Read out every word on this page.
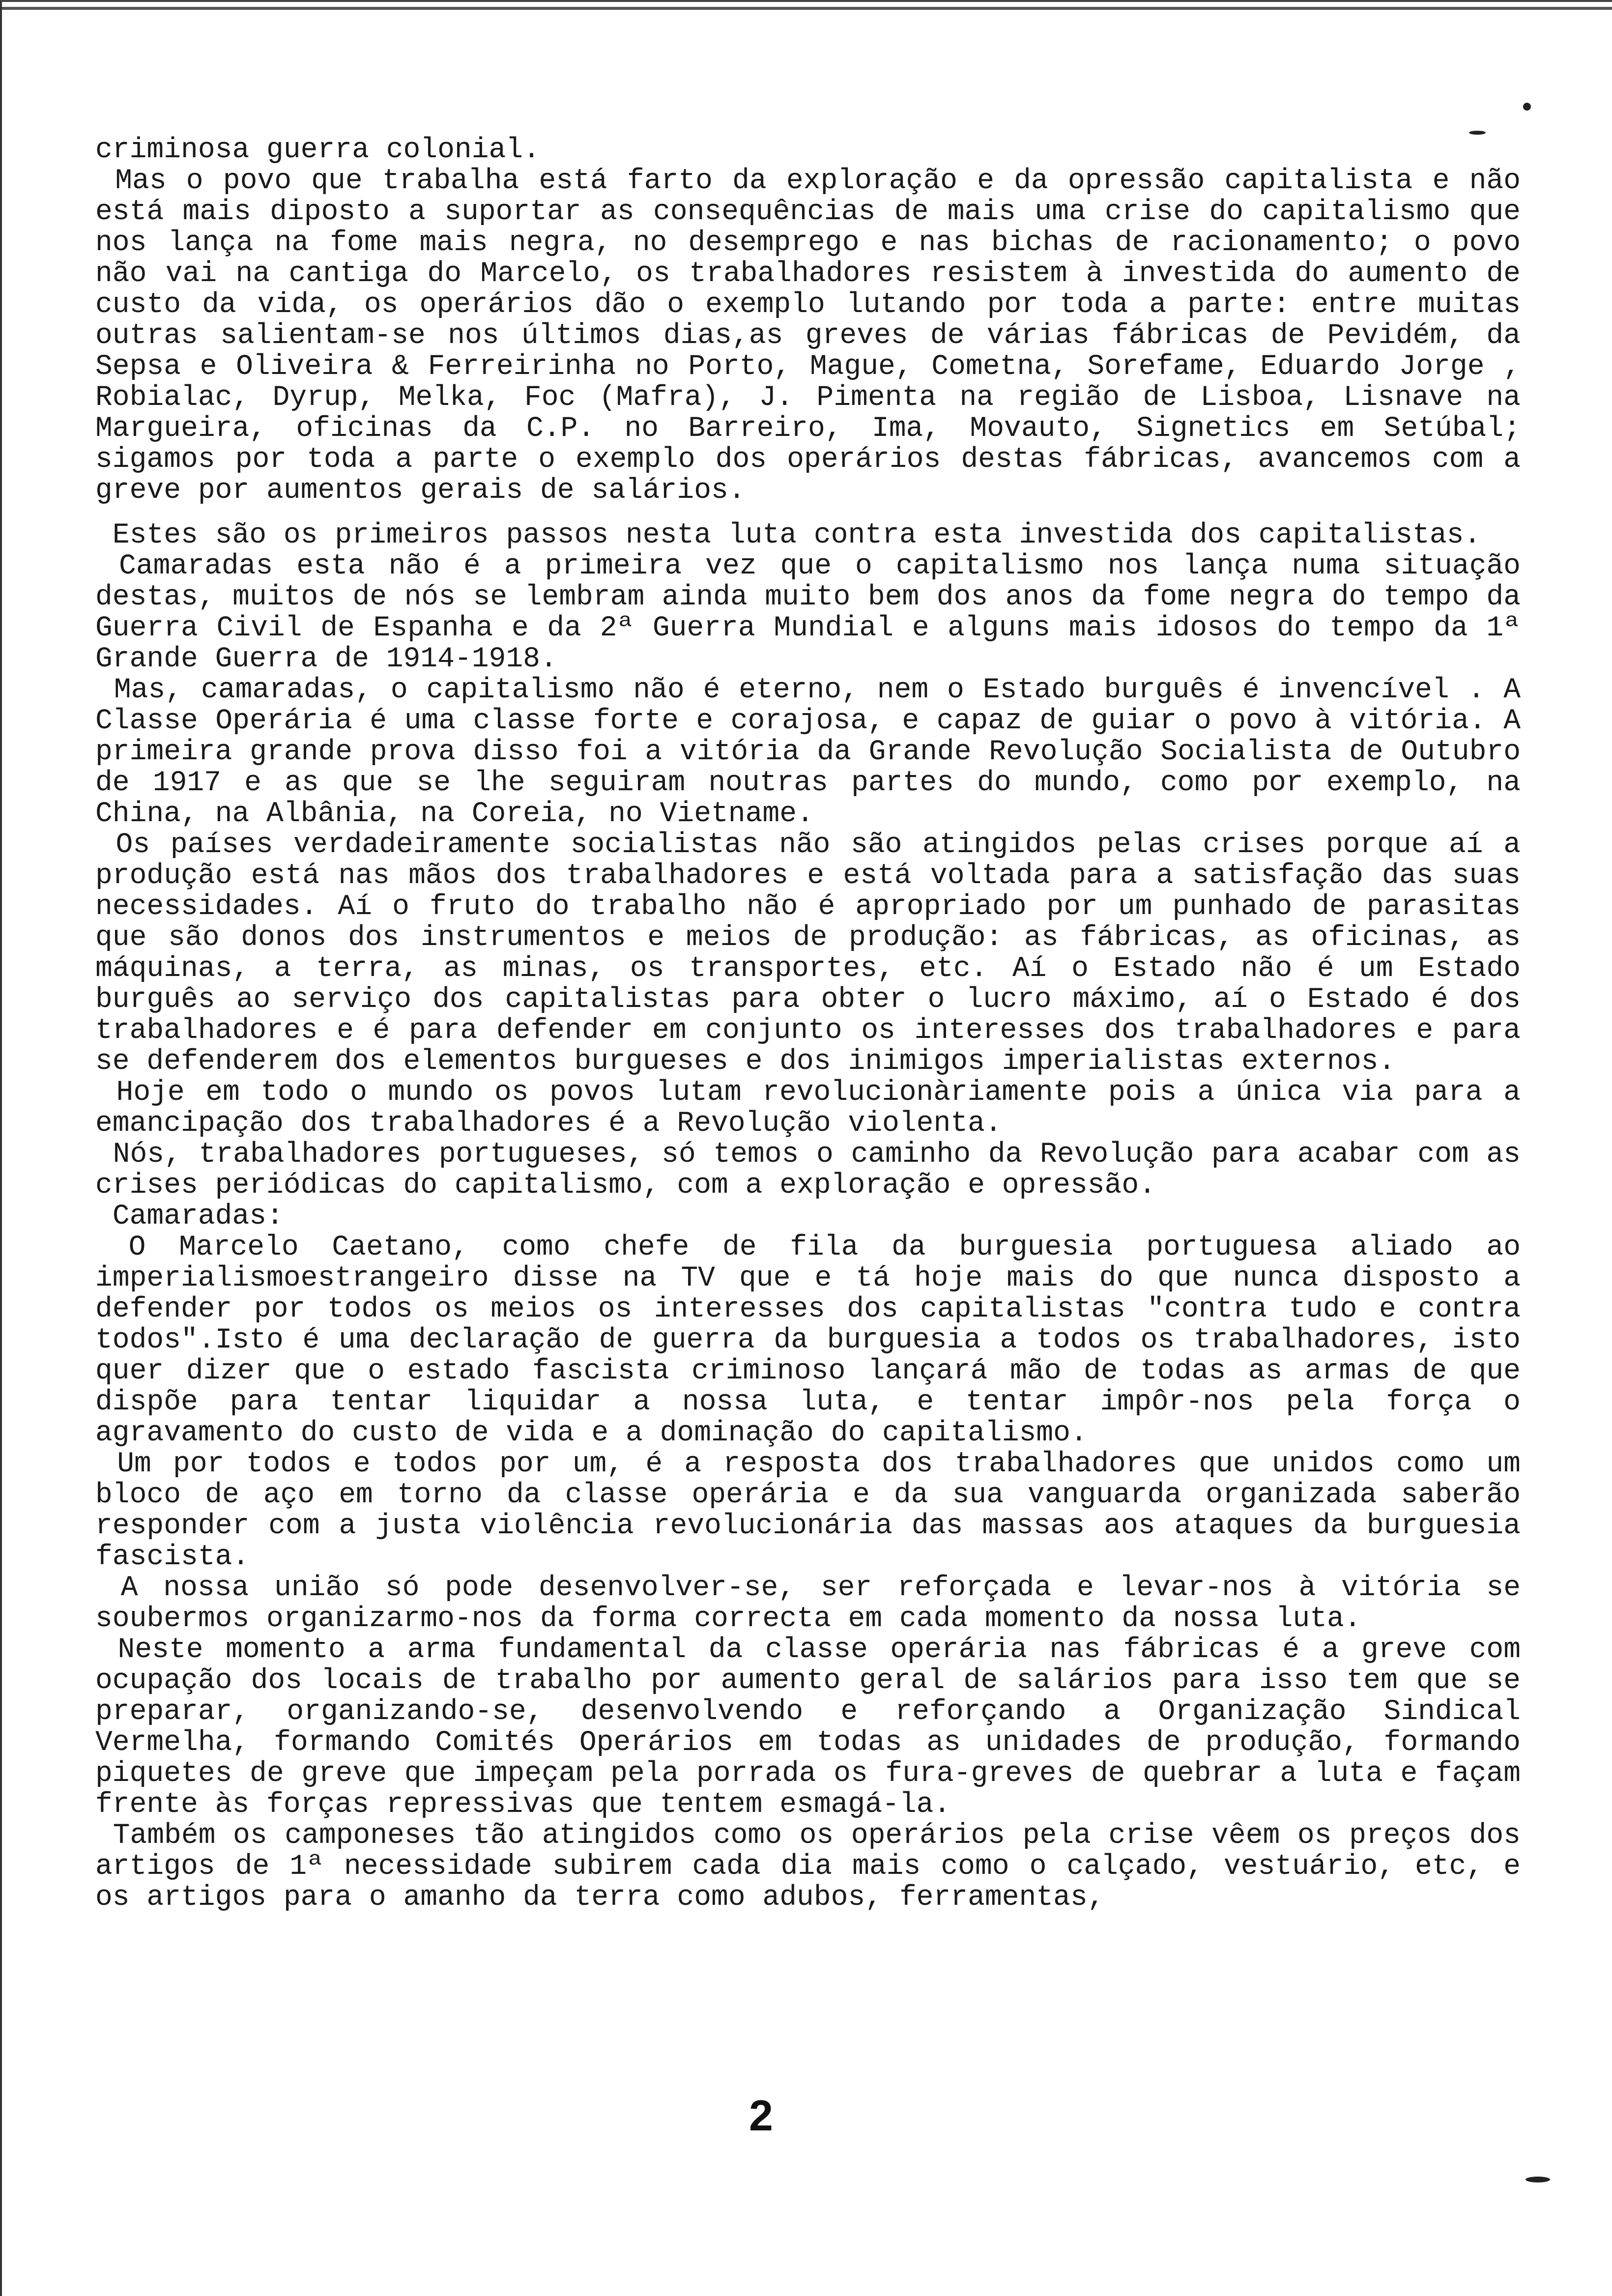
criminosa guerra colonial.

Mas o povo que trabalha está farto da exploração e da opressão capitalista e não está mais diposto a suportar as consequências de mais uma crise do capitalismo que nos lança na fome mais negra, no desemprego e nas bichas de racionamento; o povo não vai na cantiga do Marcelo, os trabalhadores resistem à investida do aumento de custo da vida, os operários dão o exemplo lutando por toda a parte: entre muitas outras salientam-se nos últimos dias,as greves de várias fábricas de Pevidém, da Sepsa e Oliveira & Ferreirinha no Porto, Mague, Cometna, Sorefame, Eduardo Jorge , Robialac, Dyrup, Melka, Foc (Mafra), J. Pimenta na região de Lisboa, Lisnave na Margueira, oficinas da C.P. no Barreiro, Ima, Movauto, Signetics em Setúbal; sigamos por toda a parte o exemplo dos operários destas fábricas, avancemos com a greve por aumentos gerais de salários.

Estes são os primeiros passos nesta luta contra esta investida dos capitalistas.

Camaradas esta não é a primeira vez que o capitalismo nos lança numa situação destas, muitos de nós se lembram ainda muito bem dos anos da fome negra do tempo da Guerra Civil de Espanha e da 2ª Guerra Mundial e alguns mais idosos do tempo da 1ª Grande Guerra de 1914-1918.

Mas, camaradas, o capitalismo não é eterno, nem o Estado burguês é invencível . A Classe Operária é uma classe forte e corajosa, e capaz de guiar o povo à vitória. A primeira grande prova disso foi a vitória da Grande Revolução Socialista de Outubro de 1917 e as que se lhe seguiram noutras partes do mundo, como por exemplo, na China, na Albânia, na Coreia, no Vietname.

Os países verdadeiramente socialistas não são atingidos pelas crises porque aí a produção está nas mãos dos trabalhadores e está voltada para a satisfação das suas necessidades. Aí o fruto do trabalho não é apropriado por um punhado de parasitas que são donos dos instrumentos e meios de produção: as fábricas, as oficinas, as máquinas, a terra, as minas, os transportes, etc. Aí o Estado não é um Estado burguês ao serviço dos capitalistas para obter o lucro máximo, aí o Estado é dos trabalhadores e é para defender em conjunto os interesses dos trabalhadores e para se defenderem dos elementos burgueses e dos inimigos imperialistas externos.

Hoje em todo o mundo os povos lutam revolucionàriamente pois a única via para a emancipação dos trabalhadores é a Revolução violenta.

Nós, trabalhadores portugueses, só temos o caminho da Revolução para acabar com as crises periódicas do capitalismo, com a exploração e opressão.

Camaradas:

O Marcelo Caetano, como chefe de fila da burguesia portuguesa aliado ao imperialismoestrangeiro disse na TV que e tá hoje mais do que nunca disposto a defender por todos os meios os interesses dos capitalistas "contra tudo e contra todos".Isto é uma declaração de guerra da burguesia a todos os trabalhadores, isto quer dizer que o estado fascista criminoso lançará mão de todas as armas de que dispõe para tentar liquidar a nossa luta, e tentar impôr-nos pela força o agravamento do custo de vida e a dominação do capitalismo.

Um por todos e todos por um, é a resposta dos trabalhadores que unidos como um bloco de aço em torno da classe operária e da sua vanguarda organizada saberão responder com a justa violência revolucionária das massas aos ataques da burguesia fascista.

A nossa união só pode desenvolver-se, ser reforçada e levar-nos à vitória se soubermos organizarmo-nos da forma correcta em cada momento da nossa luta.

Neste momento a arma fundamental da classe operária nas fábricas é a greve com ocupação dos locais de trabalho por aumento geral de salários para isso tem que se preparar, organizando-se, desenvolvendo e reforçando a Organização Sindical Vermelha, formando Comités Operários em todas as unidades de produção, formando piquetes de greve que impeçam pela porrada os fura-greves de quebrar a luta e façam frente às forças repressivas que tentem esmagá-la.

Também os camponeses tão atingidos como os operários pela crise vêem os preços dos artigos de 1ª necessidade subirem cada dia mais como o calçado, vestuário, etc, e os artigos para o amanho da terra como adubos, ferramentas,

2
